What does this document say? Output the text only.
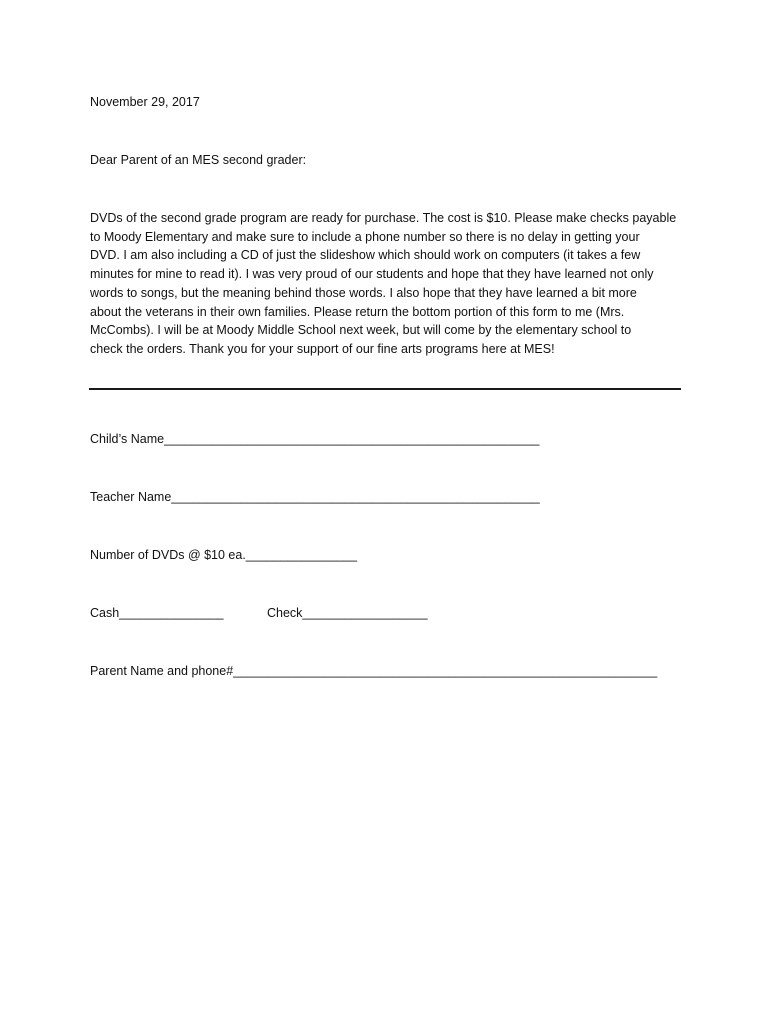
November 29, 2017
Dear Parent of an MES second grader:
DVDs of the second grade program are ready for purchase. The cost is $10. Please make checks payable
to Moody Elementary and make sure to include a phone number so there is no delay in getting your
DVD. I am also including a CD of just the slideshow which should work on computers (it takes a few
minutes for mine to read it). I was very proud of our students and hope that they have learned not only
words to songs, but the meaning behind those words. I also hope that they have learned a bit more
about the veterans in their own families. Please return the bottom portion of this form to me (Mrs.
McCombs). I will be at Moody Middle School next week, but will come by the elementary school to
check the orders. Thank you for your support of our fine arts programs here at MES!
Child’s Name______________________________________________________
Teacher Name_____________________________________________________
Number of DVDs @ $10 ea.________________
Cash_______________	Check__________________
Parent Name and phone#_____________________________________________________________
